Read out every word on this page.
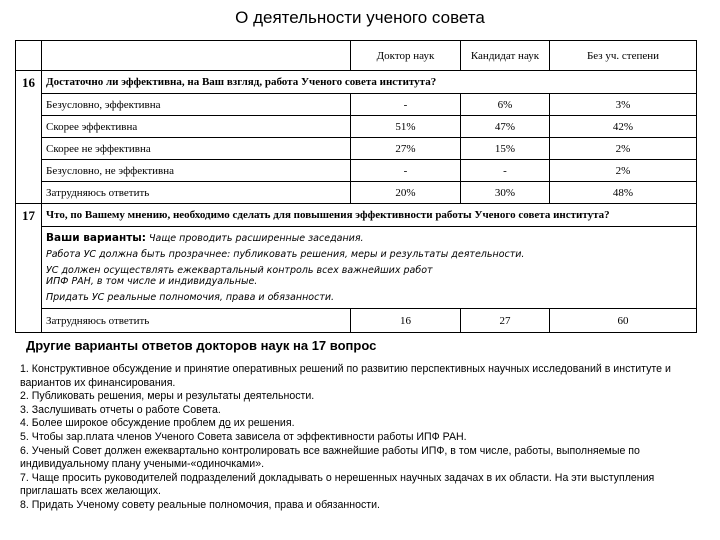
О деятельности ученого совета
		Доктор наук	Кандидат наук	Без уч. степени
16	Достаточно ли эффективна, на Ваш взгляд, работа Ученого совета института?			
	Безусловно, эффективна	-	6%	3%
	Скорее эффективна	51%	47%	42%
	Скорее не эффективна	27%	15%	2%
	Безусловно, не эффективна	-	-	2%
	Затрудняюсь ответить	20%	30%	48%
17	Что, по Вашему мнению, необходимо сделать для повышения эффективности работы Ученого совета института?			
	Ваши варианты: Чаще проводить расширенные заседания.			
	Работа УС должна быть прозрачнее: публиковать решения, меры и результаты деятельности.			
	УС должен осуществлять ежеквартальный контроль всех важнейших работ ИПФ РАН, в том числе и индивидуальные.			
	Придать УС реальные полномочия, права и обязанности.			
	Затрудняюсь ответить	16	27	60
Другие варианты ответов докторов наук на 17 вопрос
1. Конструктивное обсуждение и принятие оперативных решений по развитию перспективных научных исследований в институте и вариантов их финансирования.
2. Публиковать решения, меры и результаты деятельности.
3. Заслушивать отчеты о работе Совета.
4. Более широкое обсуждение проблем до их решения.
5. Чтобы зар.плата членов Ученого Совета зависела от эффективности работы ИПФ РАН.
6. Ученый Совет должен ежеквартально контролировать все важнейшие работы ИПФ, в том числе, работы, выполняемые по индивидуальному плану учеными-«одиночками».
7. Чаще просить руководителей подразделений докладывать о нерешенных научных задачах в их области. На эти выступления приглашать всех желающих.
8. Придать Ученому совету реальные полномочия, права и обязанности.
